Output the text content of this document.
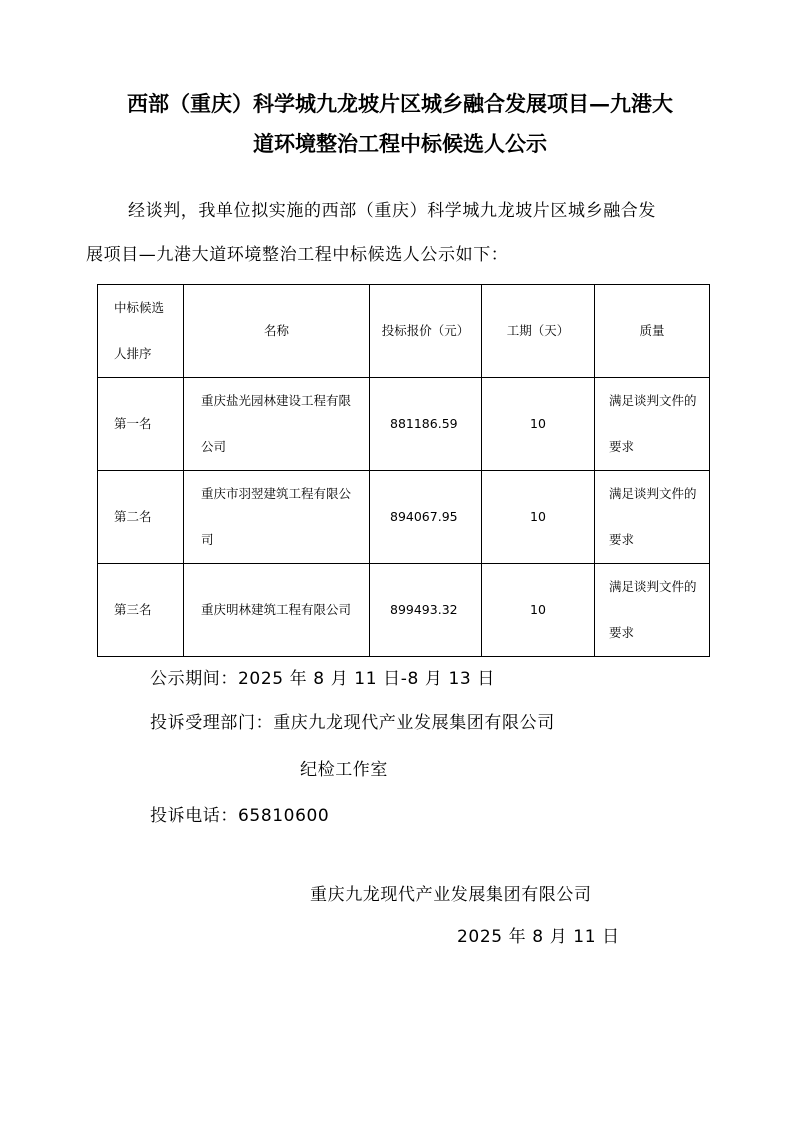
西部（重庆）科学城九龙坡片区城乡融合发展项目—九港大
道环境整治工程中标候选人公示
经谈判，我单位拟实施的西部（重庆）科学城九龙坡片区城乡融合发
展项目—九港大道环境整治工程中标候选人公示如下：
中标候选人排序	名称	投标报价（元）	工期（天）	质量
第一名	重庆盐光园林建设工程有限公司	881186.59	10	满足谈判文件的要求
第二名	重庆市羽翌建筑工程有限公司	894067.95	10	满足谈判文件的要求
第三名	重庆明林建筑工程有限公司	899493.32	10	满足谈判文件的要求
公示期间：2025 年 8 月 11 日-8 月 13 日
投诉受理部门：重庆九龙现代产业发展集团有限公司
纪检工作室
投诉电话：65810600
重庆九龙现代产业发展集团有限公司
2025 年 8 月 11 日
